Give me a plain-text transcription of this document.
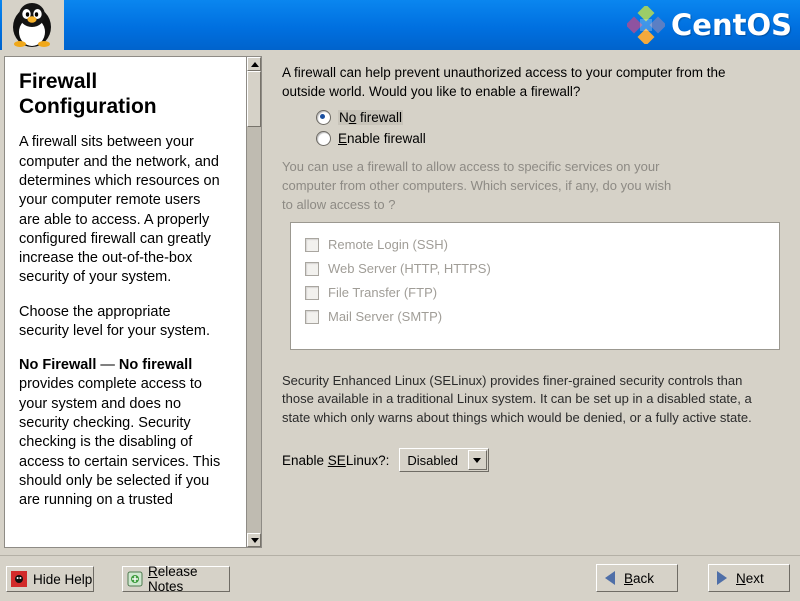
CentOS
Firewall Configuration
A firewall sits between your computer and the network, and determines which resources on your computer remote users are able to access. A properly configured firewall can greatly increase the out-of-the-box security of your system.
Choose the appropriate security level for your system.
No Firewall — No firewall provides complete access to your system and does no security checking. Security checking is the disabling of access to certain services. This should only be selected if you are running on a trusted
A firewall can help prevent unauthorized access to your computer from the outside world. Would you like to enable a firewall?
No firewall
Enable firewall
You can use a firewall to allow access to specific services on your computer from other computers. Which services, if any, do you wish to allow access to ?
Remote Login (SSH)
Web Server (HTTP, HTTPS)
File Transfer (FTP)
Mail Server (SMTP)
Security Enhanced Linux (SELinux) provides finer-grained security controls than those available in a traditional Linux system. It can be set up in a disabled state, a state which only warns about things which would be denied, or a fully active state.
Enable SELinux?:	Disabled
Hide Help	Release Notes
Back	Next
